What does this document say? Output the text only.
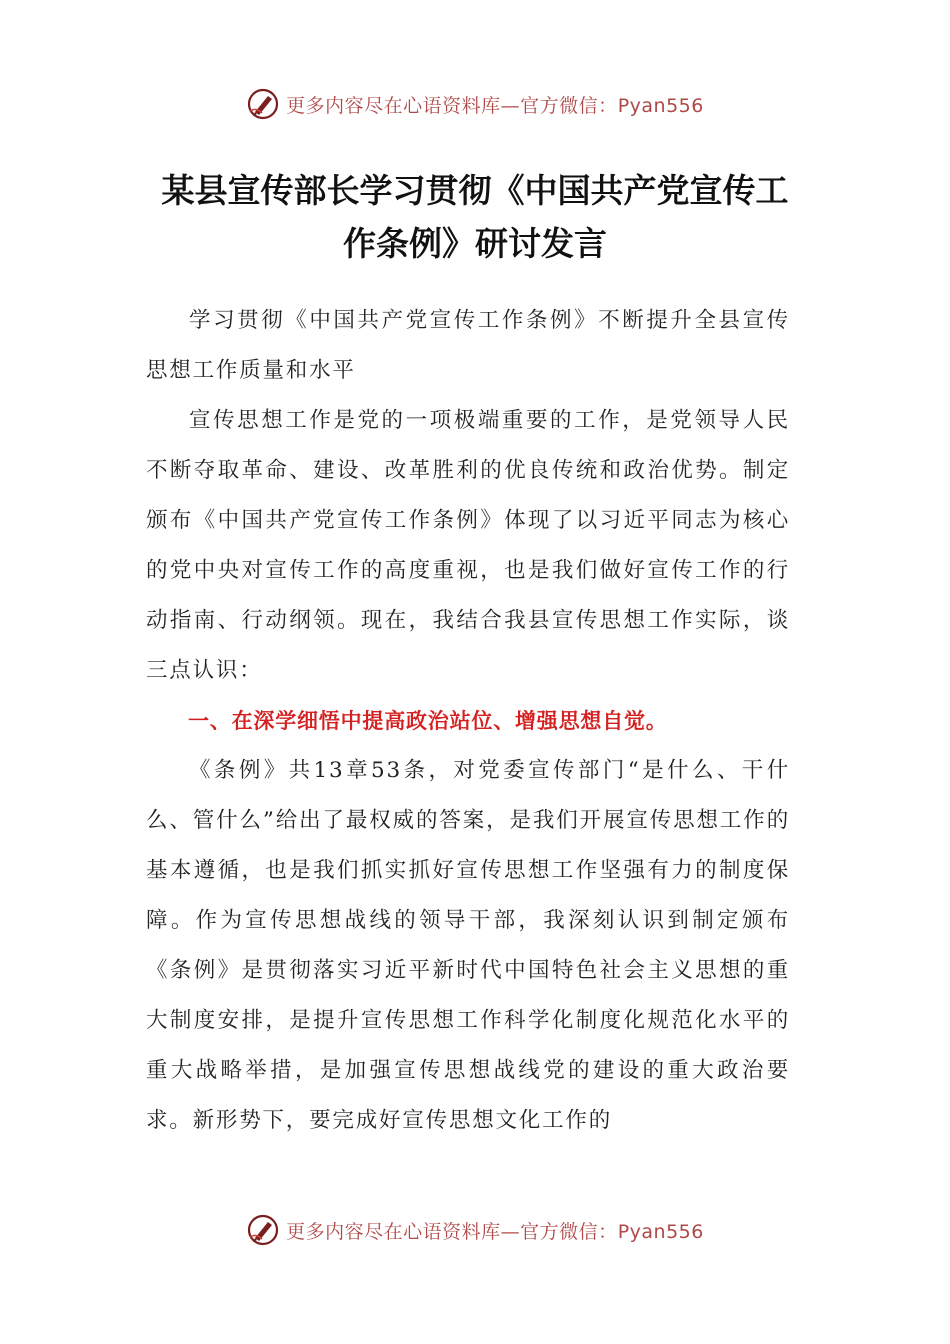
更多内容尽在心语资料库—官方微信：Pyan556
某县宣传部长学习贯彻《中国共产党宣传工
作条例》研讨发言

学习贯彻《中国共产党宣传工作条例》不断提升全县宣传思想工作质量和水平

宣传思想工作是党的一项极端重要的工作，是党领导人民不断夺取革命、建设、改革胜利的优良传统和政治优势。制定颁布《中国共产党宣传工作条例》体现了以习近平同志为核心的党中央对宣传工作的高度重视，也是我们做好宣传工作的行动指南、行动纲领。现在，我结合我县宣传思想工作实际，谈三点认识：

一、在深学细悟中提高政治站位、增强思想自觉。

《条例》共13章53条，对党委宣传部门“是什么、干什么、管什么”给出了最权威的答案，是我们开展宣传思想工作的基本遵循，也是我们抓实抓好宣传思想工作坚强有力的制度保障。作为宣传思想战线的领导干部，我深刻认识到制定颁布《条例》是贯彻落实习近平新时代中国特色社会主义思想的重大制度安排，是提升宣传思想工作科学化制度化规范化水平的重大战略举措，是加强宣传思想战线党的建设的重大政治要求。新形势下，要完成好宣传思想文化工作的

更多内容尽在心语资料库—官方微信：Pyan556
